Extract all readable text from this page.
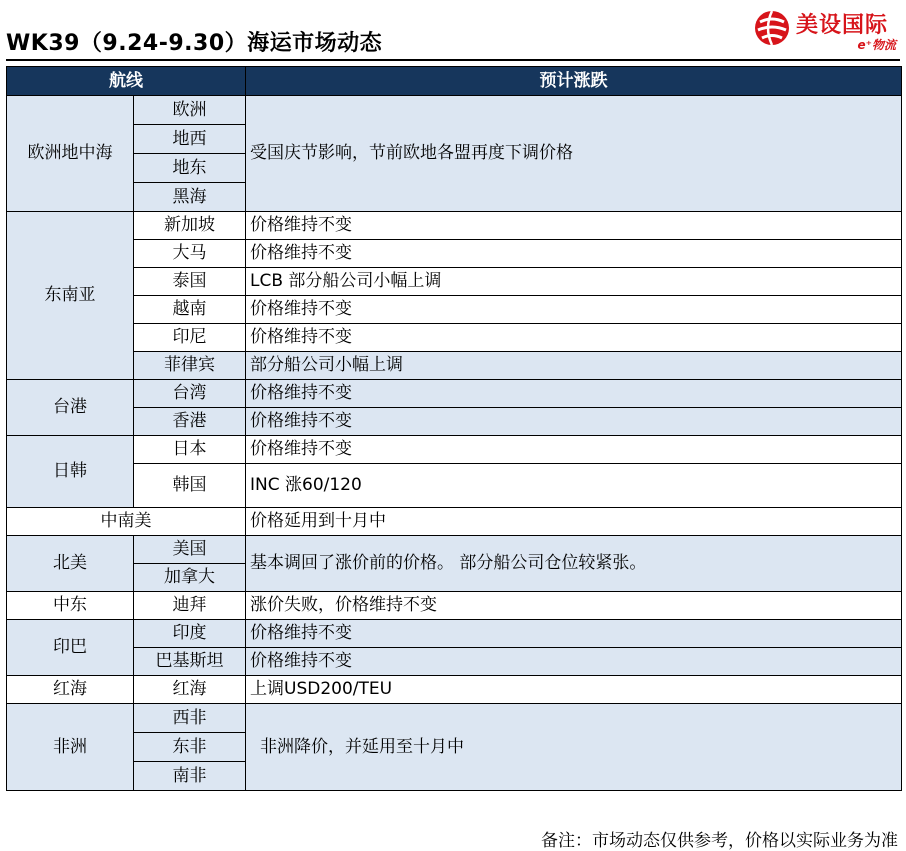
WK39（9.24-9.30）海运市场动态
美设国际
e⁺物流
航线		预计涨跌
欧洲地中海	欧洲	受国庆节影响，节前欧地各盟再度下调价格
	地西	
	地东	
	黑海	
东南亚	新加坡	价格维持不变
	大马	价格维持不变
	泰国	LCB 部分船公司小幅上调
	越南	价格维持不变
	印尼	价格维持不变
	菲律宾	部分船公司小幅上调
台港	台湾	价格维持不变
	香港	价格维持不变
日韩	日本	价格维持不变
	韩国	INC 涨60/120
中南美		价格延用到十月中
北美	美国	基本调回了涨价前的价格。 部分船公司仓位较紧张。
	加拿大	
中东	迪拜	涨价失败，价格维持不变
印巴	印度	价格维持不变
	巴基斯坦	价格维持不变
红海	红海	上调USD200/TEU
非洲	西非	非洲降价，并延用至十月中
	东非	
	南非	
备注：市场动态仅供参考，价格以实际业务为准
